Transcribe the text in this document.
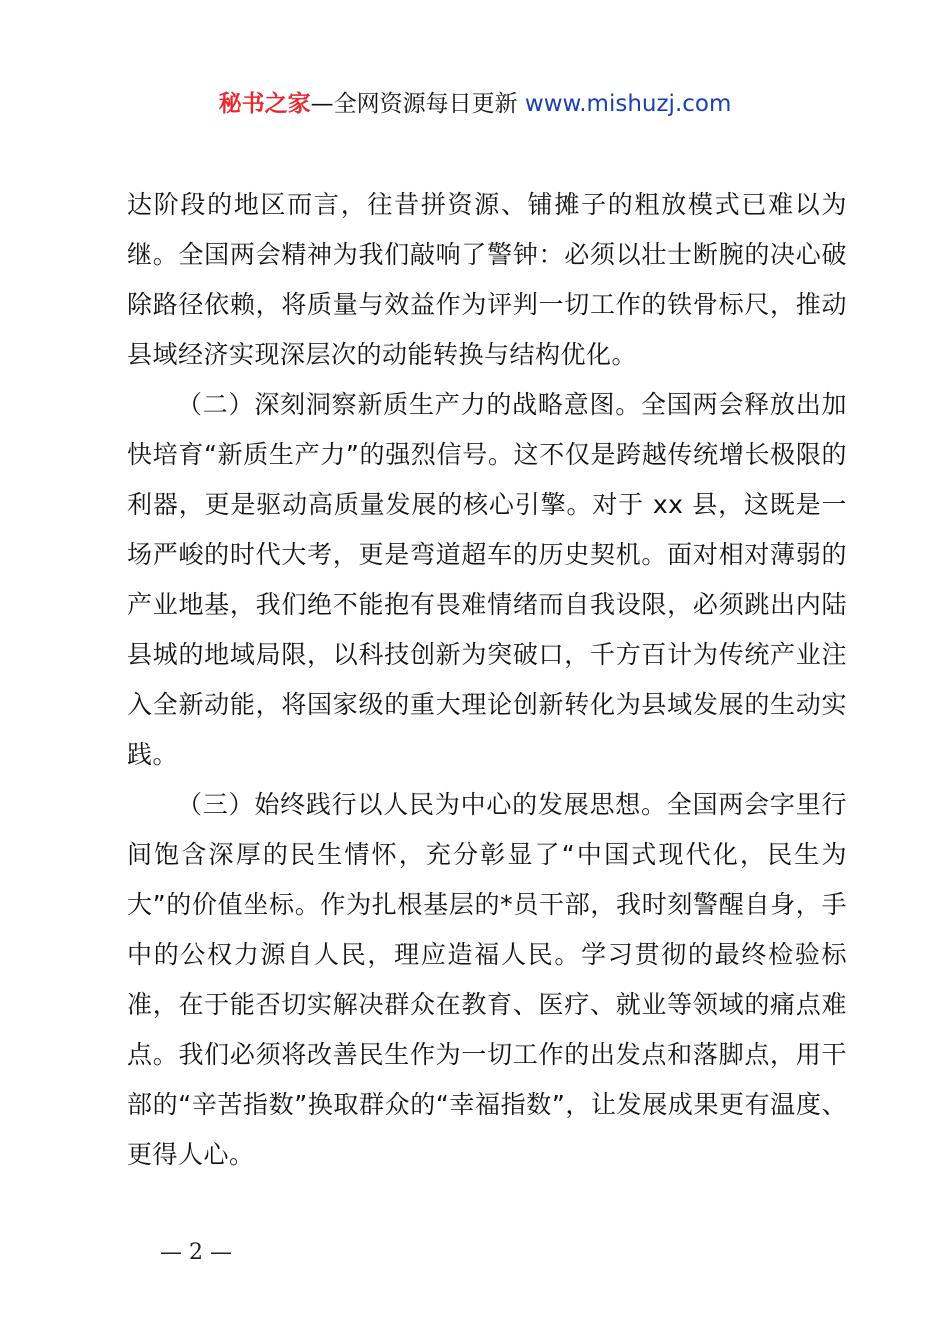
秘书之家—全网资源每日更新 www.mishuzj.com

达阶段的地区而言，往昔拼资源、铺摊子的粗放模式已难以为继。全国两会精神为我们敲响了警钟：必须以壮士断腕的决心破除路径依赖，将质量与效益作为评判一切工作的铁骨标尺，推动县域经济实现深层次的动能转换与结构优化。

（二）深刻洞察新质生产力的战略意图。全国两会释放出加快培育“新质生产力”的强烈信号。这不仅是跨越传统增长极限的利器，更是驱动高质量发展的核心引擎。对于 xx 县，这既是一场严峻的时代大考，更是弯道超车的历史契机。面对相对薄弱的产业地基，我们绝不能抱有畏难情绪而自我设限，必须跳出内陆县城的地域局限，以科技创新为突破口，千方百计为传统产业注入全新动能，将国家级的重大理论创新转化为县域发展的生动实践。

（三）始终践行以人民为中心的发展思想。全国两会字里行间饱含深厚的民生情怀，充分彰显了“中国式现代化，民生为大”的价值坐标。作为扎根基层的*员干部，我时刻警醒自身，手中的公权力源自人民，理应造福人民。学习贯彻的最终检验标准，在于能否切实解决群众在教育、医疗、就业等领域的痛点难点。我们必须将改善民生作为一切工作的出发点和落脚点，用干部的“辛苦指数”换取群众的“幸福指数”，让发展成果更有温度、更得人心。

— 2 —
